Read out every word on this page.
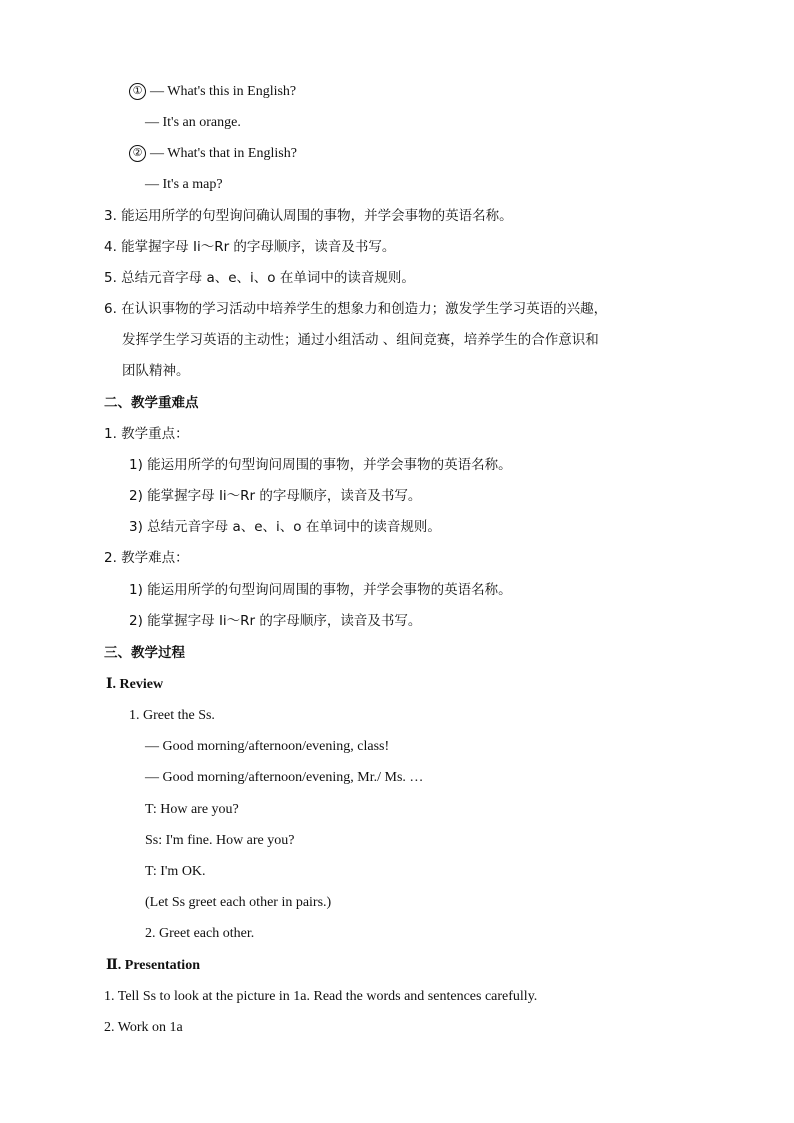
① — What's this in English?
— It's an orange.
② — What's that in English?
— It's a map?
3. 能运用所学的句型询问确认周围的事物，并学会事物的英语名称。
4. 能掌握字母 Ii～Rr 的字母顺序，读音及书写。
5. 总结元音字母 a、e、i、o 在单词中的读音规则。
6. 在认识事物的学习活动中培养学生的想象力和创造力；激发学生学习英语的兴趣，
发挥学生学习英语的主动性；通过小组活动 、组间竞赛，培养学生的合作意识和
团队精神。
二、教学重难点
1. 教学重点：
1) 能运用所学的句型询问周围的事物，并学会事物的英语名称。
2) 能掌握字母 Ii～Rr 的字母顺序，读音及书写。
3) 总结元音字母 a、e、i、o 在单词中的读音规则。
2. 教学难点：
1) 能运用所学的句型询问周围的事物，并学会事物的英语名称。
2) 能掌握字母 Ii～Rr 的字母顺序，读音及书写。
三、教学过程
Ⅰ. Review
1. Greet the Ss.
— Good morning/afternoon/evening, class!
— Good morning/afternoon/evening, Mr./ Ms. …
T: How are you?
Ss: I'm fine. How are you?
T: I'm OK.
(Let Ss greet each other in pairs.)
2. Greet each other.
Ⅱ. Presentation
1. Tell Ss to look at the picture in 1a. Read the words and sentences carefully.
2. Work on 1a
